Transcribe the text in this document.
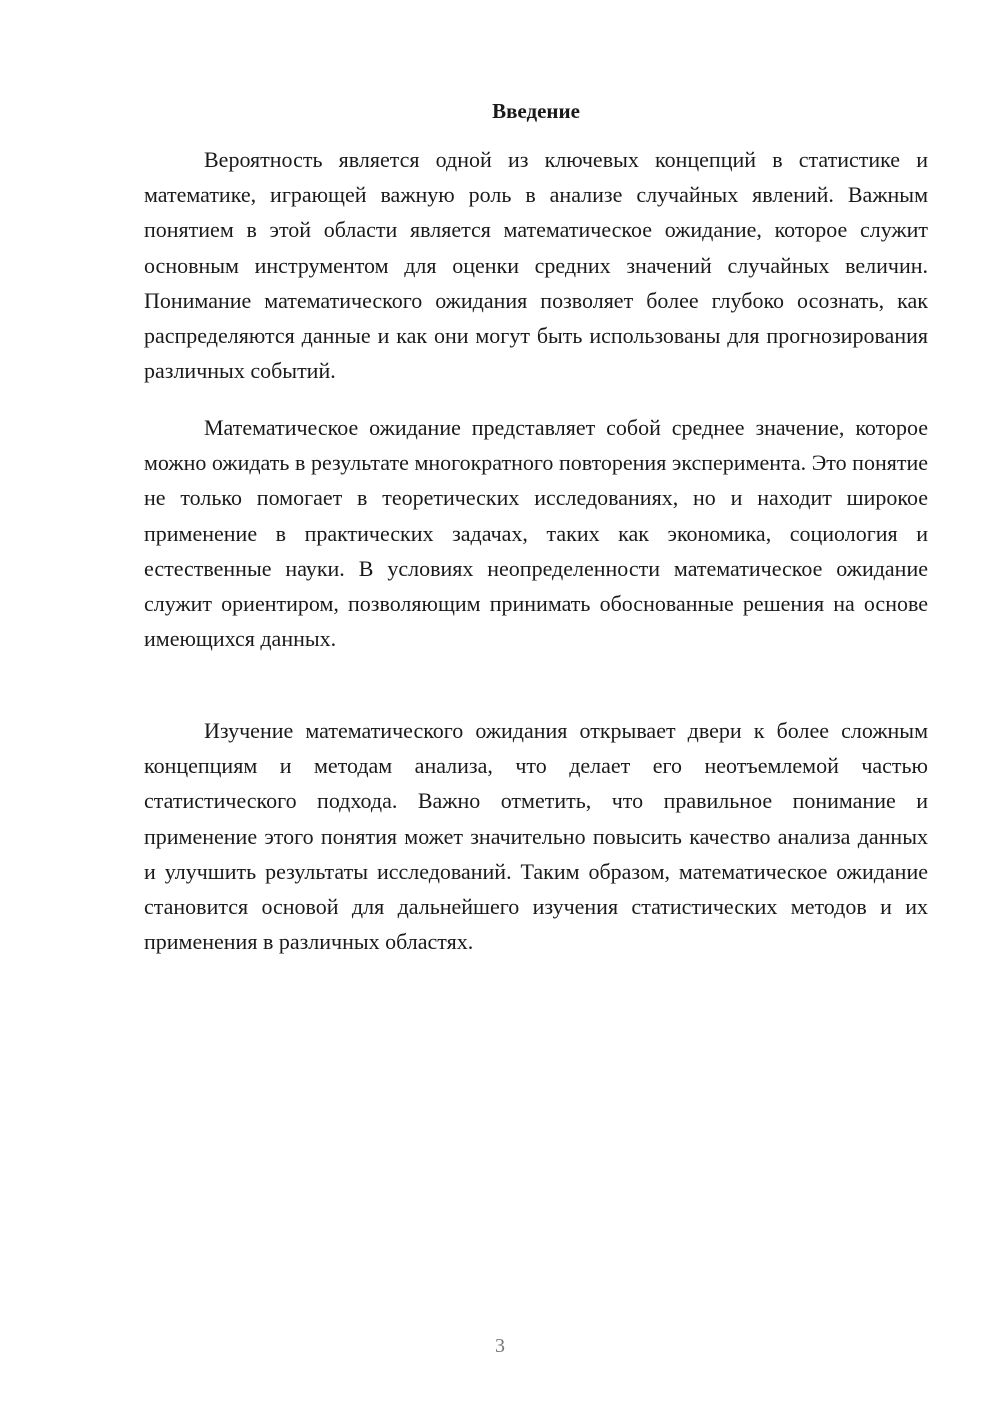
Введение

Вероятность является одной из ключевых концепций в статистике и математике, играющей важную роль в анализе случайных явлений. Важным понятием в этой области является математическое ожидание, которое служит основным инструментом для оценки средних значений случайных величин. Понимание математического ожидания позволяет более глубоко осознать, как распределяются данные и как они могут быть использованы для прогнозирования различных событий.

Математическое ожидание представляет собой среднее значение, которое можно ожидать в результате многократного повторения эксперимента. Это понятие не только помогает в теоретических исследованиях, но и находит широкое применение в практических задачах, таких как экономика, социология и естественные науки. В условиях неопределенности математическое ожидание служит ориентиром, позволяющим принимать обоснованные решения на основе имеющихся данных.

Изучение математического ожидания открывает двери к более сложным концепциям и методам анализа, что делает его неотъемлемой частью статистического подхода. Важно отметить, что правильное понимание и применение этого понятия может значительно повысить качество анализа данных и улучшить результаты исследований. Таким образом, математическое ожидание становится основой для дальнейшего изучения статистических методов и их применения в различных областях.

3
